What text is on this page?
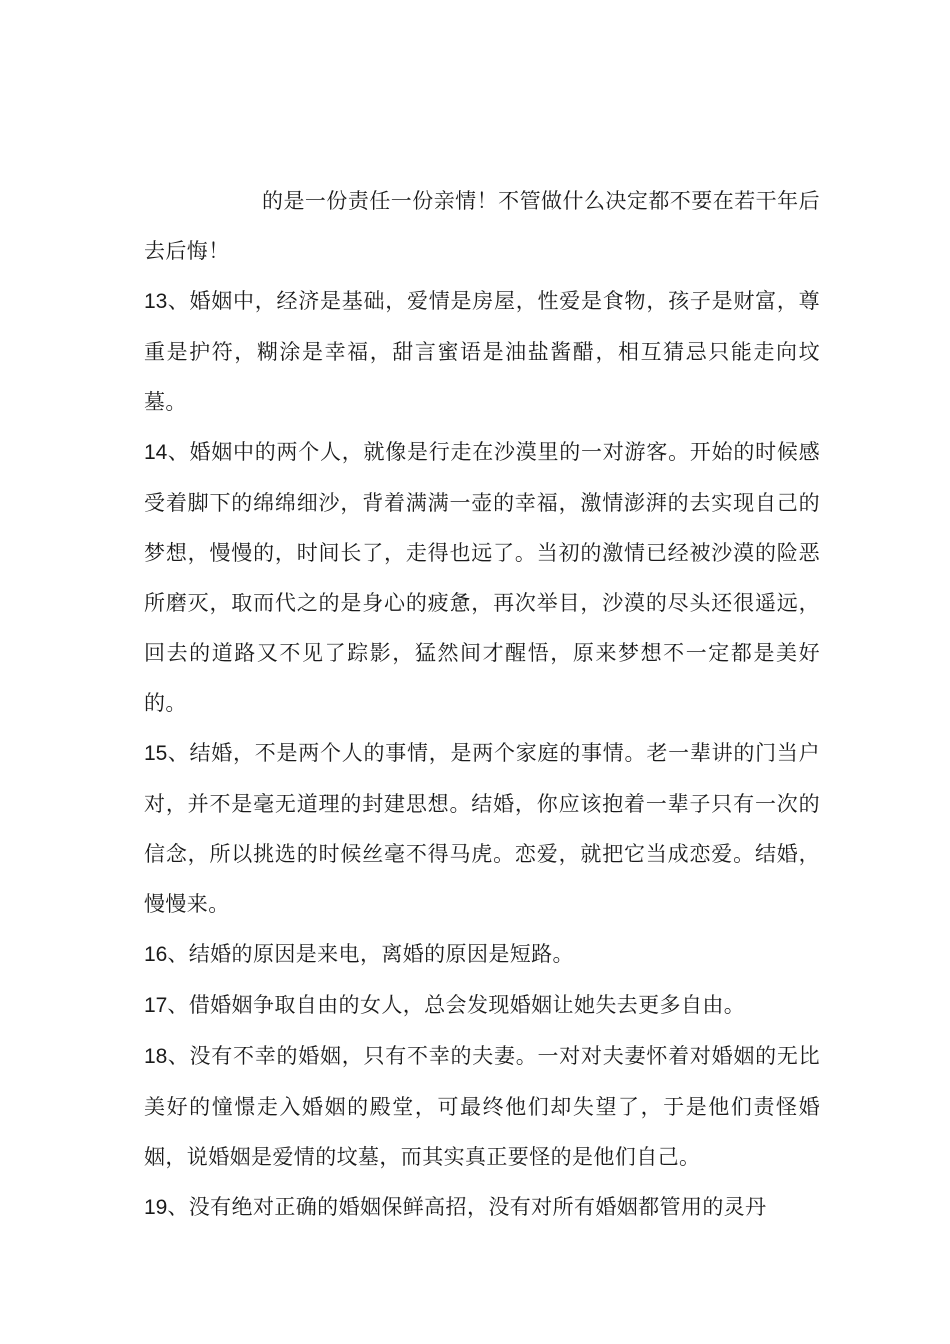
的是一份责任一份亲情！不管做什么决定都不要在若干年后去后悔！

13、婚姻中，经济是基础，爱情是房屋，性爱是食物，孩子是财富，尊重是护符，糊涂是幸福，甜言蜜语是油盐酱醋，相互猜忌只能走向坟墓。

14、婚姻中的两个人，就像是行走在沙漠里的一对游客。开始的时候感受着脚下的绵绵细沙，背着满满一壶的幸福，激情澎湃的去实现自己的梦想，慢慢的，时间长了，走得也远了。当初的激情已经被沙漠的险恶所磨灭，取而代之的是身心的疲惫，再次举目，沙漠的尽头还很遥远，回去的道路又不见了踪影，猛然间才醒悟，原来梦想不一定都是美好的。

15、结婚，不是两个人的事情，是两个家庭的事情。老一辈讲的门当户对，并不是毫无道理的封建思想。结婚，你应该抱着一辈子只有一次的信念，所以挑选的时候丝毫不得马虎。恋爱，就把它当成恋爱。结婚，慢慢来。

16、结婚的原因是来电，离婚的原因是短路。

17、借婚姻争取自由的女人，总会发现婚姻让她失去更多自由。

18、没有不幸的婚姻，只有不幸的夫妻。一对对夫妻怀着对婚姻的无比美好的憧憬走入婚姻的殿堂，可最终他们却失望了，于是他们责怪婚姻，说婚姻是爱情的坟墓，而其实真正要怪的是他们自己。

19、没有绝对正确的婚姻保鲜高招，没有对所有婚姻都管用的灵丹
